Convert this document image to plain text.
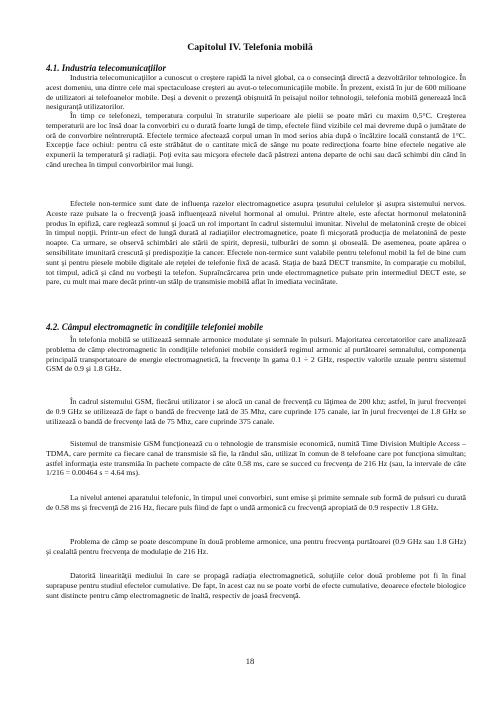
Capitolul IV. Telefonia mobilă
4.1. Industria telecomunicaţiilor

Industria telecomunicaţiilor a cunoscut o creştere rapidă la nivel global, ca o consecinţă directă a dezvoltărilor tehnologice. În acest domeniu, una dintre cele mai spectaculoase creşteri au avut-o telecomunicaţiile mobile. În prezent, există în jur de 600 milioane de utilizatori ai telefoanelor mobile. Deşi a devenit o prezenţă obişnuită în peisajul noilor tehnologii, telefonia mobilă generează încă nesiguranţă utilizatorilor.

În timp ce telefonezi, temperatura corpului în straturile superioare ale pielii se poate mări cu maxim 0,5°C. Creşterea temperaturii are loc însă doar la convorbiri cu o durată foarte lungă de timp, efectele fiind vizibile cel mai devreme după o jumătate de oră de convorbire neîntreruptă. Efectele termice afectează corpul uman în mod serios abia după o încălzire locală constantă de 1°C. Excepţie face ochiul: pentru că este străbătut de o cantitate mică de sânge nu poate redirecţiona foarte bine efectele negative ale expunerii la temperatură şi radiaţii. Poţi evita sau micşora efectele dacă păstrezi antena departe de ochi sau dacă schimbi din când în când urechea în timpul convorbirilor mai lungi.

Efectele non-termice sunt date de influenţa razelor electromagnetice asupra ţesutului celulelor şi asupra sistemului nervos. Aceste raze pulsate la o frecvenţă joasă influenţează nivelul hormonal al omului. Printre altele, este afectat hormonul melatonină produs în epifiză, care reglează somnul şi joacă un rol important în cadrul sistemului imunitar. Nivelul de melatonină creşte de obicei în timpul nopţii. Printr-un efect de lungă durată al radiaţiilor electromagnetice, poate fi micşorată producţia de melatonină de peste noapte. Ca urmare, se observă schimbări ale stării de spirit, depresii, tulburări de somn şi oboseală. De asemenea, poate apărea o sensibilitate imunitară crescută şi predispoziţie la cancer. Efectele non-termice sunt valabile pentru telefonul mobil la fel de bine cum sunt şi pentru piesele mobile digitale ale reţelei de telefonie fixă de acasă. Staţia de bază DECT transmite, în comparaţie cu mobilul, tot timpul, adică şi când nu vorbeşti la telefon. Supraîncărcarea prin unde electromagnetice pulsate prin intermediul DECT este, se pare, cu mult mai mare decât printr-un stâlp de transmisie mobilă aflat în imediata vecinătate.

4.2. Câmpul electromagnetic în condiţiile telefoniei mobile

În telefonia mobilă se utilizează semnale armonice modulate şi semnale în pulsuri. Majoritatea cercetatorilor care analizează problema de câmp electromagnetic în condiţiile telefoniei mobile consideră regimul armonic al purtătoarei semnalului, componenţa principală transportatoare de energie electromagnetică, la frecvenţe în gama 0.1 ÷ 2 GHz, respectiv valorile uzuale pentru sistemul GSM de 0.9 şi 1.8 GHz.

În cadrul sistemului GSM, fiecărui utilizator i se alocă un canal de frecvenţă cu lăţimea de 200 khz; astfel, în jurul frecvenţei de 0.9 GHz se utilizează de fapt o bandă de frecvenţe lată de 35 Mhz, care cuprinde 175 canale, iar în jurul frecvenţei de 1.8 GHz se utilizează o bandă de frecvenţe lată de 75 Mhz, care cuprinde 375 canale.

Sistemul de transmisie GSM funcţionează cu o tehnologie de transmisie economică, numită Time Division Multiple Access – TDMA, care permite ca fiecare canal de transmisie să fie, la rândul său, utilizat în comun de 8 telefoane care pot funcţiona simultan; astfel informaţia este transmiăa în pachete compacte de câte 0.58 ms, care se succed cu frecvenţa de 216 Hz (sau, la intervale de câte 1/216 = 0.00464 s = 4.64 ms).

La nivelul antenei aparatului telefonic, în timpul unei convorbiri, sunt emise şi primite semnale sub formă de pulsuri cu durată de 0.58 ms şi frecvenţă de 216 Hz, fiecare puls fiind de fapt o undă armonică cu frecvenţă apropiată de 0.9 respectiv 1.8 GHz.

Problema de câmp se poate descompune în două probleme armonice, una pentru frecvenţa purtătoarei (0.9 GHz sau 1.8 GHz) şi cealaltă pentru frecvenţa de modulaţie de 216 Hz.

Datorită linearităţii mediului în care se propagă radiaţia electromagnetică, soluţiile celor două probleme pot fi în final suprapuse pentru studiul efectelor cumulative. De fapt, în acest caz nu se poate vorbi de efecte cumulative, deoarece efectele biologice sunt distincte pentru câmp electromagnetic de înaltă, respectiv de joasă frecvenţă.

18
